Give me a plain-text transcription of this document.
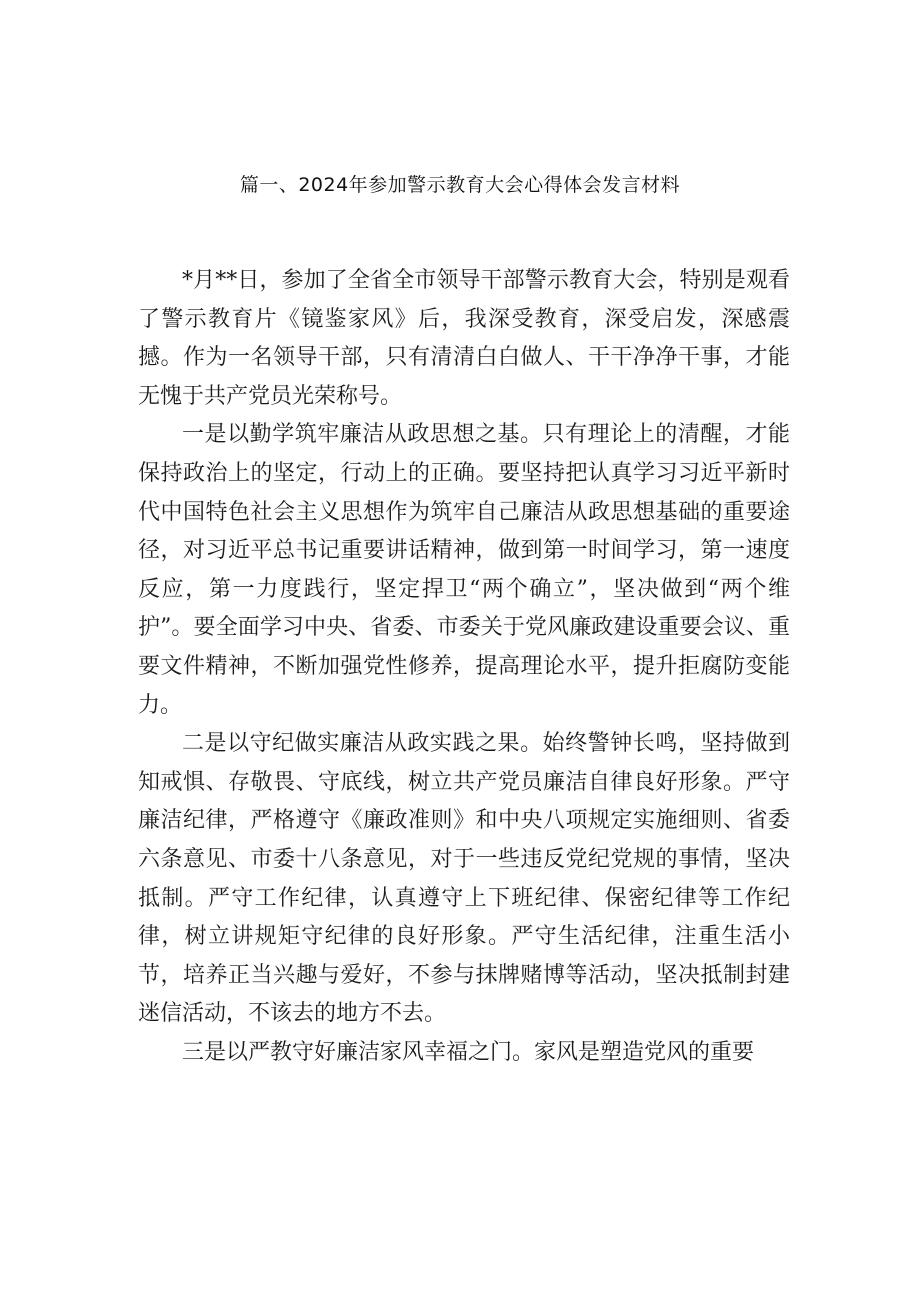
篇一、2024年参加警示教育大会心得体会发言材料

*月**日，参加了全省全市领导干部警示教育大会，特别是观看了警示教育片《镜鉴家风》后，我深受教育，深受启发，深感震撼。作为一名领导干部，只有清清白白做人、干干净净干事，才能无愧于共产党员光荣称号。

一是以勤学筑牢廉洁从政思想之基。只有理论上的清醒，才能保持政治上的坚定，行动上的正确。要坚持把认真学习习近平新时代中国特色社会主义思想作为筑牢自己廉洁从政思想基础的重要途径，对习近平总书记重要讲话精神，做到第一时间学习，第一速度反应，第一力度践行，坚定捍卫“两个确立”，坚决做到“两个维护”。要全面学习中央、省委、市委关于党风廉政建设重要会议、重要文件精神，不断加强党性修养，提高理论水平，提升拒腐防变能力。

二是以守纪做实廉洁从政实践之果。始终警钟长鸣，坚持做到知戒惧、存敬畏、守底线，树立共产党员廉洁自律良好形象。严守廉洁纪律，严格遵守《廉政准则》和中央八项规定实施细则、省委六条意见、市委十八条意见，对于一些违反党纪党规的事情，坚决抵制。严守工作纪律，认真遵守上下班纪律、保密纪律等工作纪律，树立讲规矩守纪律的良好形象。严守生活纪律，注重生活小节，培养正当兴趣与爱好，不参与抹牌赌博等活动，坚决抵制封建迷信活动，不该去的地方不去。

三是以严教守好廉洁家风幸福之门。家风是塑造党风的重要
